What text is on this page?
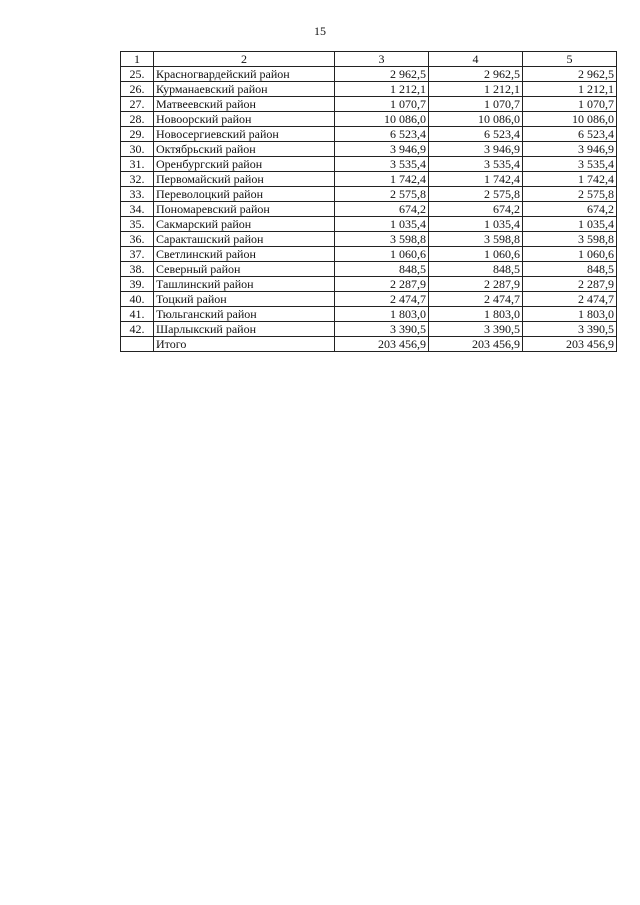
15
1	2	3	4	5
25.	Красногвардейский район	2 962,5	2 962,5	2 962,5
26.	Курманаевский район	1 212,1	1 212,1	1 212,1
27.	Матвеевский район	1 070,7	1 070,7	1 070,7
28.	Новоорский район	10 086,0	10 086,0	10 086,0
29.	Новосергиевский район	6 523,4	6 523,4	6 523,4
30.	Октябрьский район	3 946,9	3 946,9	3 946,9
31.	Оренбургский район	3 535,4	3 535,4	3 535,4
32.	Первомайский район	1 742,4	1 742,4	1 742,4
33.	Переволоцкий район	2 575,8	2 575,8	2 575,8
34.	Пономаревский район	674,2	674,2	674,2
35.	Сакмарский район	1 035,4	1 035,4	1 035,4
36.	Саракташский район	3 598,8	3 598,8	3 598,8
37.	Светлинский район	1 060,6	1 060,6	1 060,6
38.	Северный район	848,5	848,5	848,5
39.	Ташлинский район	2 287,9	2 287,9	2 287,9
40.	Тоцкий район	2 474,7	2 474,7	2 474,7
41.	Тюльганский район	1 803,0	1 803,0	1 803,0
42.	Шарлыкский район	3 390,5	3 390,5	3 390,5
	Итого	203 456,9	203 456,9	203 456,9
